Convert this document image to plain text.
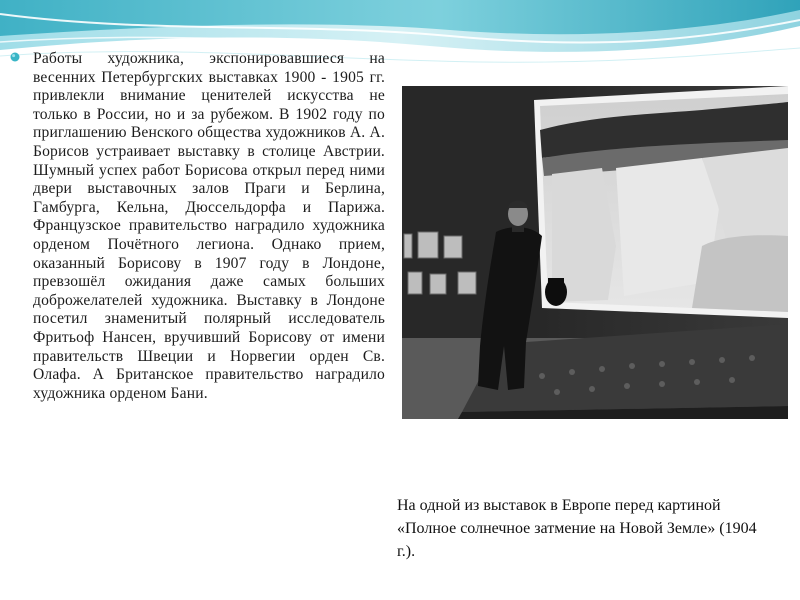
Работы художника, экспонировавшиеся на весенних Петербургских выставках 1900 - 1905 гг. привлекли внимание ценителей искусства не только в России, но и за рубежом. В 1902 году по приглашению Венского общества художников А. А. Борисов устраивает выставку в столице Австрии. Шумный успех работ Борисова открыл перед ними двери выставочных залов Праги и Берлина, Гамбурга, Кельна, Дюссельдорфа и Парижа. Французское правительство наградило художника орденом Почётного легиона. Однако прием, оказанный Борисову в 1907 году в Лондоне, превзошёл ожидания даже самых больших доброжелателей художника. Выставку в Лондоне посетил знаменитый полярный исследователь Фритьоф Нансен, вручивший Борисову от имени правительств Швеции и Норвегии орден Св. Олафа. А Британское правительство наградило художника орденом Бани.

На одной из выставок в Европе перед картиной «Полное солнечное затмение на Новой Земле» (1904 г.).
